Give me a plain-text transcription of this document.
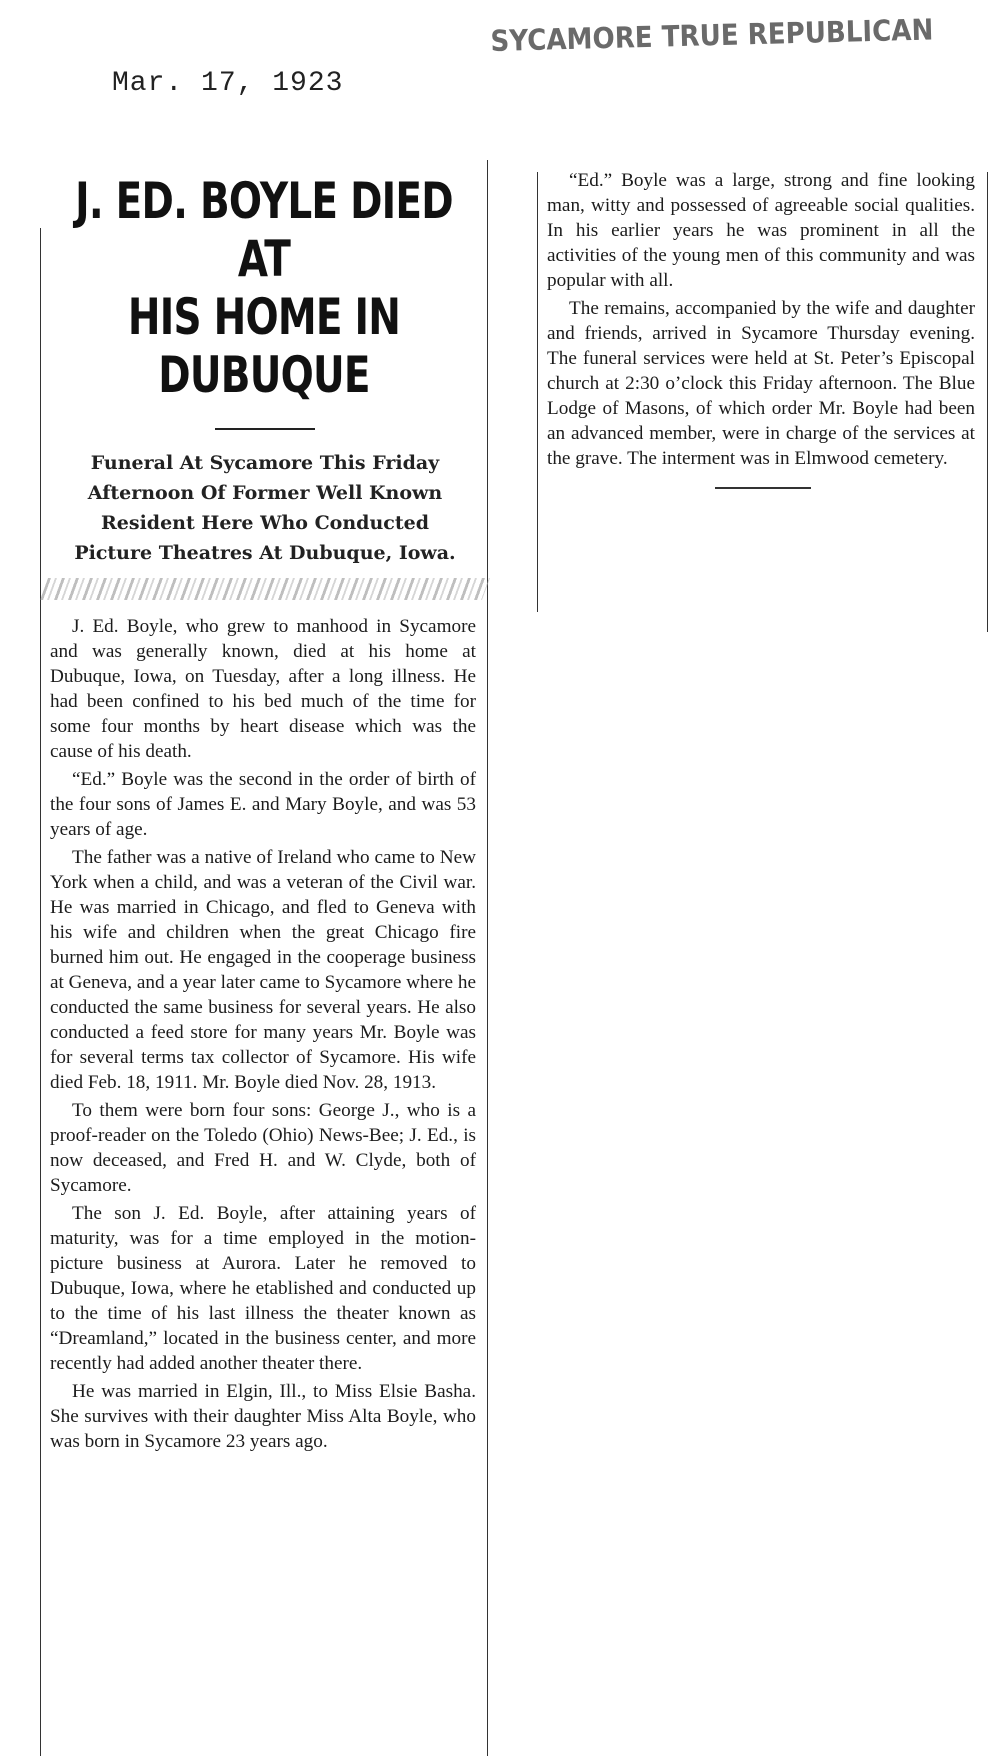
Mar. 17, 1923
SYCAMORE TRUE REPUBLICAN
J. ED. BOYLE DIED AT
HIS HOME IN DUBUQUE
Funeral At Sycamore This Friday Afternoon Of Former Well Known Resident Here Who Conducted Picture Theatres At Dubuque, Iowa.

J. Ed. Boyle, who grew to manhood in Sycamore and was generally known, died at his home at Dubuque, Iowa, on Tuesday, after a long illness. He had been confined to his bed much of the time for some four months by heart disease which was the cause of his death.

“Ed.” Boyle was the second in the order of birth of the four sons of James E. and Mary Boyle, and was 53 years of age.

The father was a native of Ireland who came to New York when a child, and was a veteran of the Civil war. He was married in Chicago, and fled to Geneva with his wife and children when the great Chicago fire burned him out. He engaged in the cooperage business at Geneva, and a year later came to Sycamore where he conducted the same business for several years. He also conducted a feed store for many years Mr. Boyle was for several terms tax collector of Sycamore. His wife died Feb. 18, 1911. Mr. Boyle died Nov. 28, 1913.

To them were born four sons: George J., who is a proof-reader on the Toledo (Ohio) News-Bee; J. Ed., is now deceased, and Fred H. and W. Clyde, both of Sycamore.

The son J. Ed. Boyle, after attaining years of maturity, was for a time employed in the motion-picture business at Aurora. Later he removed to Dubuque, Iowa, where he etablished and conducted up to the time of his last illness the theater known as “Dreamland,” located in the business center, and more recently had added another theater there.

He was married in Elgin, Ill., to Miss Elsie Basha. She survives with their daughter Miss Alta Boyle, who was born in Sycamore 23 years ago.

“Ed.” Boyle was a large, strong and fine looking man, witty and possessed of agreeable social qualities. In his earlier years he was prominent in all the activities of the young men of this community and was popular with all.

The remains, accompanied by the wife and daughter and friends, arrived in Sycamore Thursday evening. The funeral services were held at St. Peter’s Episcopal church at 2:30 o’clock this Friday afternoon. The Blue Lodge of Masons, of which order Mr. Boyle had been an advanced member, were in charge of the services at the grave. The interment was in Elmwood cemetery.
